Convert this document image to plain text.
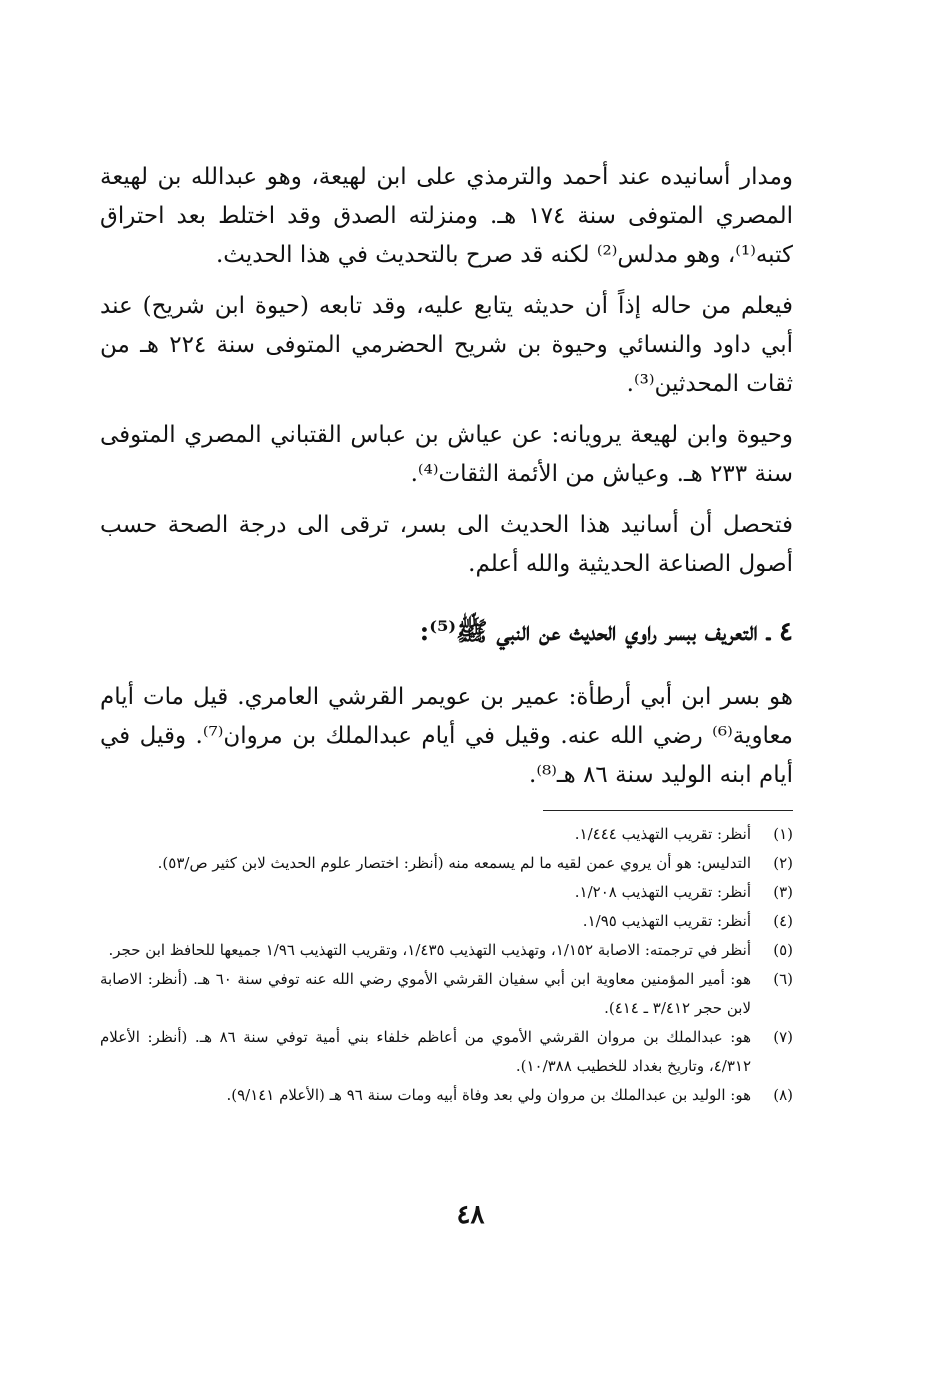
ومدار أسانيده عند أحمد والترمذي على ابن لهيعة، وهو عبدالله بن لهيعة المصري المتوفى سنة ١٧٤ هـ. ومنزلته الصدق وقد اختلط بعد احتراق كتبه⁽¹⁾، وهو مدلس⁽²⁾ لكنه قد صرح بالتحديث في هذا الحديث.

فيعلم من حاله إذاً أن حديثه يتابع عليه، وقد تابعه (حيوة ابن شريح) عند أبي داود والنسائي وحيوة بن شريح الحضرمي المتوفى سنة ٢٢٤ هـ من ثقات المحدثين⁽³⁾.

وحيوة وابن لهيعة يرويانه: عن عياش بن عباس القتباني المصري المتوفى سنة ٢٣٣ هـ. وعياش من الأئمة الثقات⁽⁴⁾.

فتحصل أن أسانيد هذا الحديث الى بسر، ترقى الى درجة الصحة حسب أصول الصناعة الحديثية والله أعلم.

٤ ـ التعريف ببسر راوي الحديث عن النبي ﷺ⁽⁵⁾:
هو بسر ابن أبي أرطأة: عمير بن عويمر القرشي العامري. قيل مات أيام معاوية⁽⁶⁾ رضي الله عنه. وقيل في أيام عبدالملك بن مروان⁽⁷⁾. وقيل في أيام ابنه الوليد سنة ٨٦ هـ⁽⁸⁾.
(١)
أنظر: تقريب التهذيب ١/٤٤٤.
(٢)
التدليس: هو أن يروي عمن لقيه ما لم يسمعه منه (أنظر: اختصار علوم الحديث لابن كثير ص/٥٣).
(٣)
أنظر: تقريب التهذيب ١/٢٠٨.
(٤)
أنظر: تقريب التهذيب ١/٩٥.
(٥)
أنظر في ترجمته: الاصابة ١/١٥٢، وتهذيب التهذيب ١/٤٣٥، وتقريب التهذيب ١/٩٦ جميعها للحافظ ابن حجر.
(٦)
هو: أمير المؤمنين معاوية ابن أبي سفيان القرشي الأموي رضي الله عنه توفي سنة ٦٠ هـ. (أنظر: الاصابة لابن حجر ٣/٤١٢ ـ ٤١٤).
(٧)
هو: عبدالملك بن مروان القرشي الأموي من أعاظم خلفاء بني أمية توفي سنة ٨٦ هـ. (أنظر: الأعلام ٤/٣١٢، وتاريخ بغداد للخطيب ١٠/٣٨٨).
(٨)
هو: الوليد بن عبدالملك بن مروان ولي بعد وفاة أبيه ومات سنة ٩٦ هـ (الأعلام ٩/١٤١).
٤٨
